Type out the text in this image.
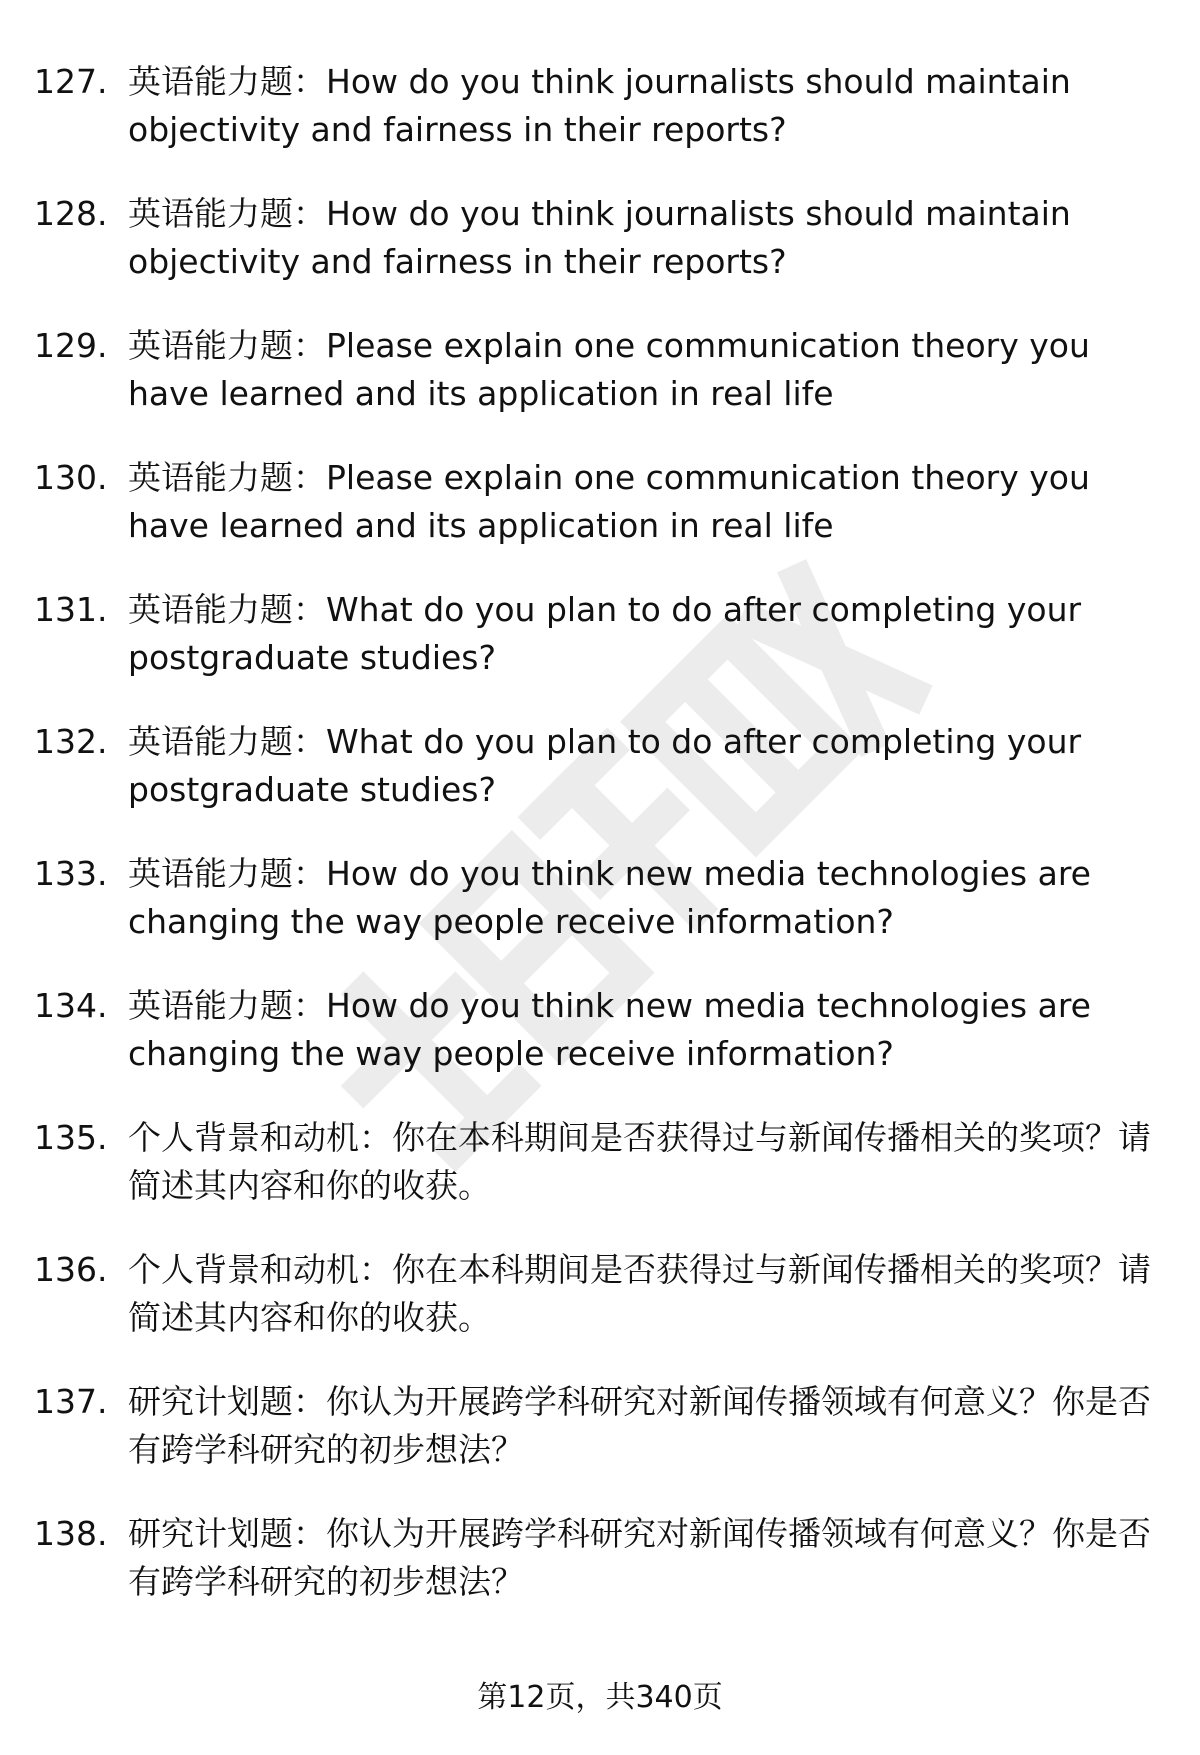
127. 英语能力题：How do you think journalists should maintain objectivity and fairness in their reports?
128. 英语能力题：How do you think journalists should maintain objectivity and fairness in their reports?
129. 英语能力题：Please explain one communication theory you have learned and its application in real life
130. 英语能力题：Please explain one communication theory you have learned and its application in real life
131. 英语能力题：What do you plan to do after completing your postgraduate studies?
132. 英语能力题：What do you plan to do after completing your postgraduate studies?
133. 英语能力题：How do you think new media technologies are changing the way people receive information?
134. 英语能力题：How do you think new media technologies are changing the way people receive information?
135. 个人背景和动机：你在本科期间是否获得过与新闻传播相关的奖项？请简述其内容和你的收获。
136. 个人背景和动机：你在本科期间是否获得过与新闻传播相关的奖项？请简述其内容和你的收获。
137. 研究计划题：你认为开展跨学科研究对新闻传播领域有何意义？你是否有跨学科研究的初步想法？
138. 研究计划题：你认为开展跨学科研究对新闻传播领域有何意义？你是否有跨学科研究的初步想法？
第12页，共340页
